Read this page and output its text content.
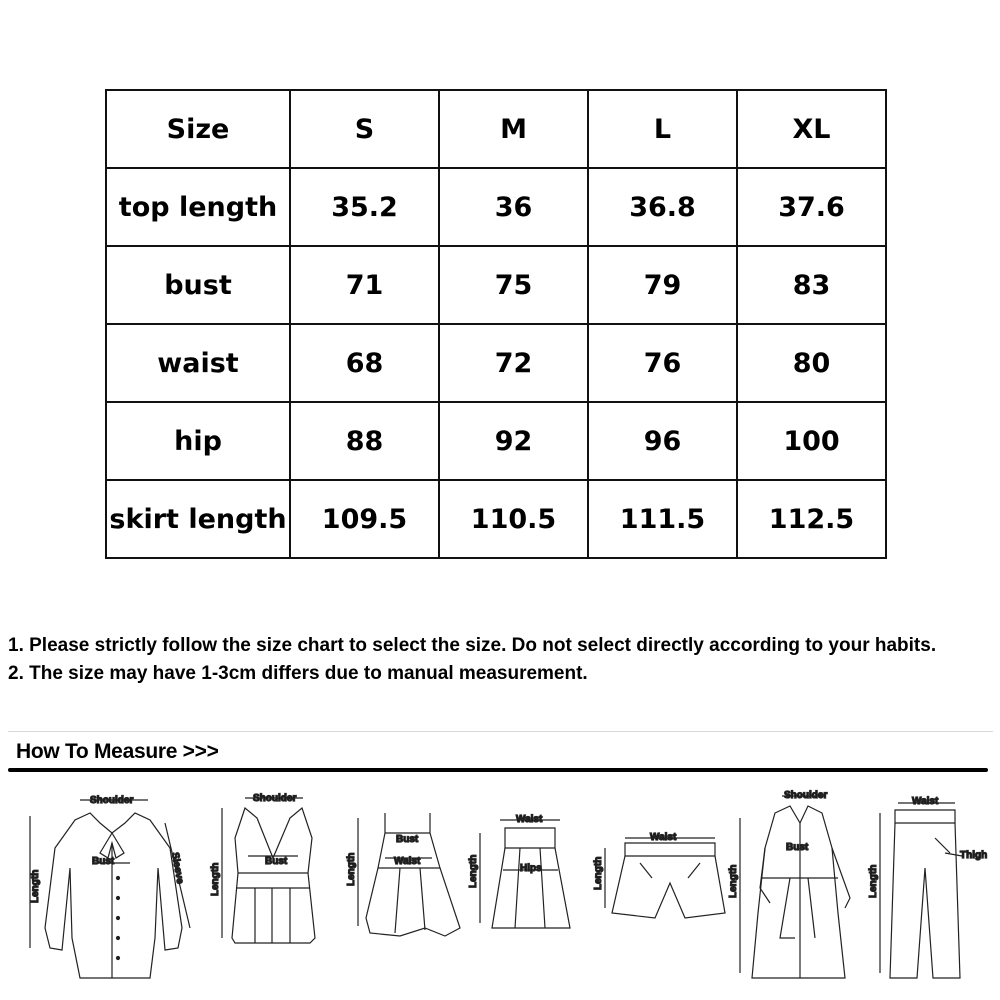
Size	S	M	L	XL
top length	35.2	36	36.8	37.6
bust	71	75	79	83
waist	68	72	76	80
hip	88	92	96	100
skirt length	109.5	110.5	111.5	112.5

1. Please strictly follow the size chart to select the size. Do not select directly according to your habits.

2. The size may have 1-3cm differs due to manual measurement.

How To Measure >>>
Shoulder
Bust	Sleeve
Length
Shoulder
Bust
Length
Bust
Waist
Length
Waist
Hips
Length
Waist
Length
Shoulder
Bust
Length
Waist
Thigh
Length
